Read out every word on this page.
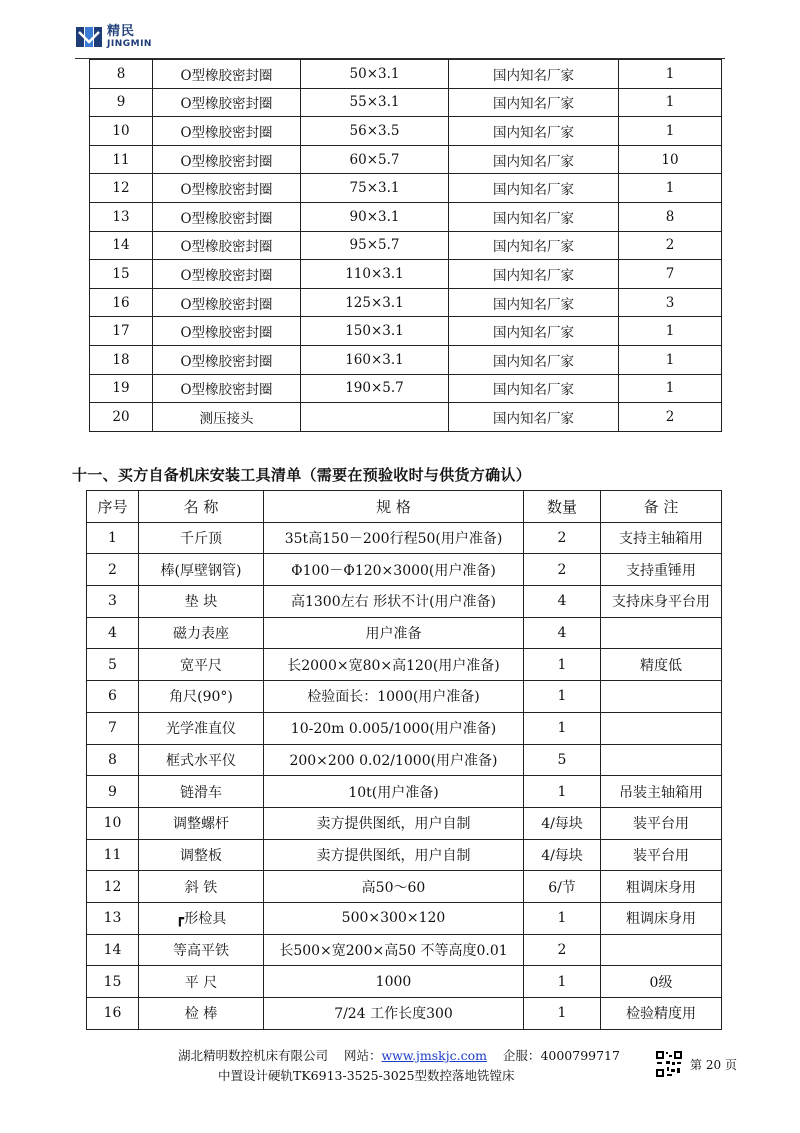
精民
JINGMIN
8	O型橡胶密封圈	50×3.1	国内知名厂家	1
9	O型橡胶密封圈	55×3.1	国内知名厂家	1
10	O型橡胶密封圈	56×3.5	国内知名厂家	1
11	O型橡胶密封圈	60×5.7	国内知名厂家	10
12	O型橡胶密封圈	75×3.1	国内知名厂家	1
13	O型橡胶密封圈	90×3.1	国内知名厂家	8
14	O型橡胶密封圈	95×5.7	国内知名厂家	2
15	O型橡胶密封圈	110×3.1	国内知名厂家	7
16	O型橡胶密封圈	125×3.1	国内知名厂家	3
17	O型橡胶密封圈	150×3.1	国内知名厂家	1
18	O型橡胶密封圈	160×3.1	国内知名厂家	1
19	O型橡胶密封圈	190×5.7	国内知名厂家	1
20	测压接头		国内知名厂家	2
十一、买方自备机床安装工具清单（需要在预验收时与供货方确认）
序号	名 称	规 格	数量	备 注
1	千斤顶	35t高150－200行程50(用户准备)	2	支持主轴箱用
2	棒(厚壁钢管)	Φ100－Φ120×3000(用户准备)	2	支持重锤用
3	垫 块	高1300左右 形状不计(用户准备)	4	支持床身平台用
4	磁力表座	用户准备	4	
5	宽平尺	长2000×宽80×高120(用户准备)	1	精度低
6	角尺(90°)	检验面长：1000(用户准备)	1	
7	光学准直仪	10-20m 0.005/1000(用户准备)	1	
8	框式水平仪	200×200 0.02/1000(用户准备)	5	
9	链滑车	10t(用户准备)	1	吊装主轴箱用
10	调整螺杆	卖方提供图纸，用户自制	4/每块	装平台用
11	调整板	卖方提供图纸，用户自制	4/每块	装平台用
12	斜 铁	高50～60	6/节	粗调床身用
13	┏形检具	500×300×120	1	粗调床身用
14	等高平铁	长500×宽200×高50 不等高度0.01	2	
15	平 尺	1000	1	0级
16	检 棒	7/24 工作长度300	1	检验精度用
湖北精明数控机床有限公司 网站：www.jmskjc.com 企服：4000799717
中置设计硬轨TK6913-3525-3025型数控落地铣镗床
第 20 页
